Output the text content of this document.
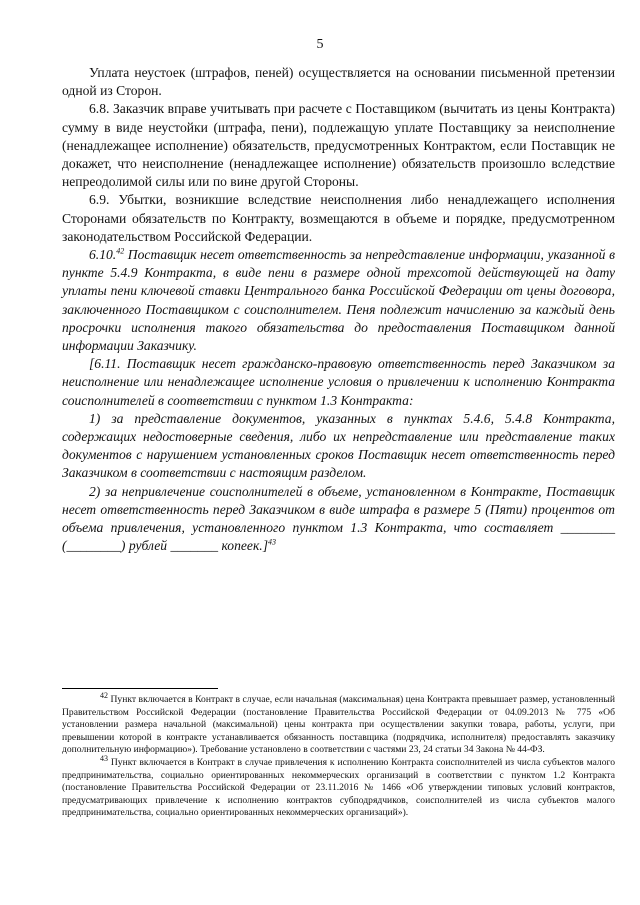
5

Уплата неустоек (штрафов, пеней) осуществляется на основании письменной претензии одной из Сторон.

6.8. Заказчик вправе учитывать при расчете с Поставщиком (вычитать из цены Контракта) сумму в виде неустойки (штрафа, пени), подлежащую уплате Поставщику за неисполнение (ненадлежащее исполнение) обязательств, предусмотренных Контрактом, если Поставщик не докажет, что неисполнение (ненадлежащее исполнение) обязательств произошло вследствие непреодолимой силы или по вине другой Стороны.

6.9. Убытки, возникшие вследствие неисполнения либо ненадлежащего исполнения Сторонами обязательств по Контракту, возмещаются в объеме и порядке, предусмотренном законодательством Российской Федерации.

6.10.42 Поставщик несет ответственность за непредставление информации, указанной в пункте 5.4.9 Контракта, в виде пени в размере одной трехсотой действующей на дату уплаты пени ключевой ставки Центрального банка Российской Федерации от цены договора, заключенного Поставщиком с соисполнителем. Пеня подлежит начислению за каждый день просрочки исполнения такого обязательства до предоставления Поставщиком данной информации Заказчику.

[6.11. Поставщик несет гражданско-правовую ответственность перед Заказчиком за неисполнение или ненадлежащее исполнение условия о привлечении к исполнению Контракта соисполнителей в соответствии с пунктом 1.3 Контракта:

1) за представление документов, указанных в пунктах 5.4.6, 5.4.8 Контракта, содержащих недостоверные сведения, либо их непредставление или представление таких документов с нарушением установленных сроков Поставщик несет ответственность перед Заказчиком в соответствии с настоящим разделом.

2) за непривлечение соисполнителей в объеме, установленном в Контракте, Поставщик несет ответственность перед Заказчиком в виде штрафа в размере 5 (Пяти) процентов от объема привлечения, установленного пунктом 1.3 Контракта, что составляет ________ (________) рублей _______ копеек.]$^{43}$

$^{42}$ Пункт включается в Контракт в случае, если начальная (максимальная) цена Контракта превышает размер, установленный Правительством Российской Федерации (постановление Правительства Российской Федерации от 04.09.2013 № 775 «Об установлении размера начальной (максимальной) цены контракта при осуществлении закупки товара, работы, услуги, при превышении которой в контракте устанавливается обязанность поставщика (подрядчика, исполнителя) предоставлять заказчику дополнительную информацию»). Требование установлено в соответствии с частями 23, 24 статьи 34 Закона № 44-ФЗ.

$^{43}$ Пункт включается в Контракт в случае привлечения к исполнению Контракта соисполнителей из числа субъектов малого предпринимательства, социально ориентированных некоммерческих организаций в соответствии с пунктом 1.2 Контракта (постановление Правительства Российской Федерации от 23.11.2016 № 1466 «Об утверждении типовых условий контрактов, предусматривающих привлечение к исполнению контрактов субподрядчиков, соисполнителей из числа субъектов малого предпринимательства, социально ориентированных некоммерческих организаций»).
